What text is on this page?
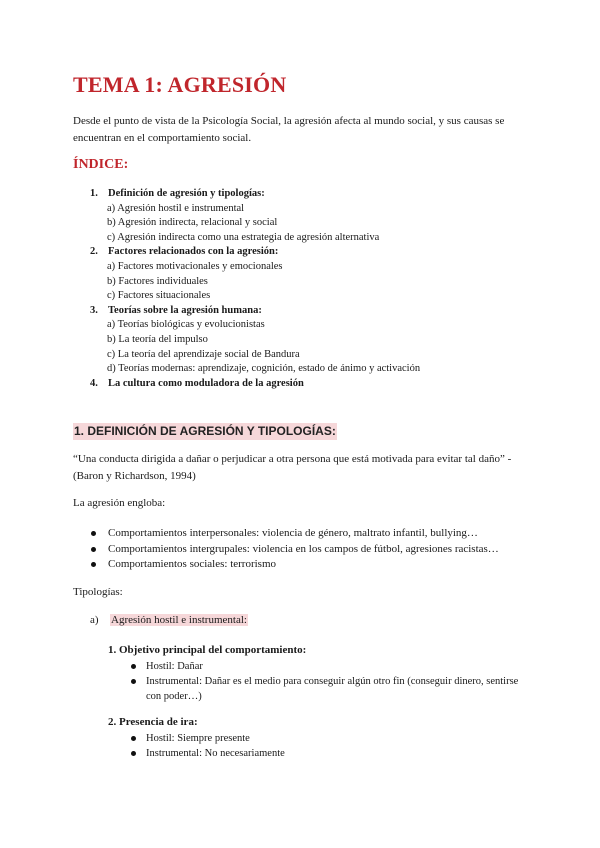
TEMA 1: AGRESIÓN

Desde el punto de vista de la Psicología Social, la agresión afecta al mundo social, y sus causas se encuentran en el comportamiento social.

ÍNDICE:
1. Definición de agresión y tipologías:
a) Agresión hostil e instrumental
b) Agresión indirecta, relacional y social
c) Agresión indirecta como una estrategia de agresión alternativa
2. Factores relacionados con la agresión:
a) Factores motivacionales y emocionales
b) Factores individuales
c) Factores situacionales
3. Teorías sobre la agresión humana:
a) Teorías biológicas y evolucionistas
b) La teoría del impulso
c) La teoría del aprendizaje social de Bandura
d) Teorías modernas: aprendizaje, cognición, estado de ánimo y activación
4. La cultura como moduladora de la agresión
1. DEFINICIÓN DE AGRESIÓN Y TIPOLOGÍAS:

“Una conducta dirigida a dañar o perjudicar a otra persona que está motivada para evitar tal daño” - (Baron y Richardson, 1994)

La agresión engloba:

Comportamientos interpersonales: violencia de género, maltrato infantil, bullying…
Comportamientos intergrupales: violencia en los campos de fútbol, agresiones racistas…
Comportamientos sociales: terrorismo

Tipologías:

a) Agresión hostil e instrumental:

1. Objetivo principal del comportamiento:

Hostil: Dañar
Instrumental: Dañar es el medio para conseguir algún otro fin (conseguir dinero, sentirse con poder…)

2. Presencia de ira:

Hostil: Siempre presente
Instrumental: No necesariamente
